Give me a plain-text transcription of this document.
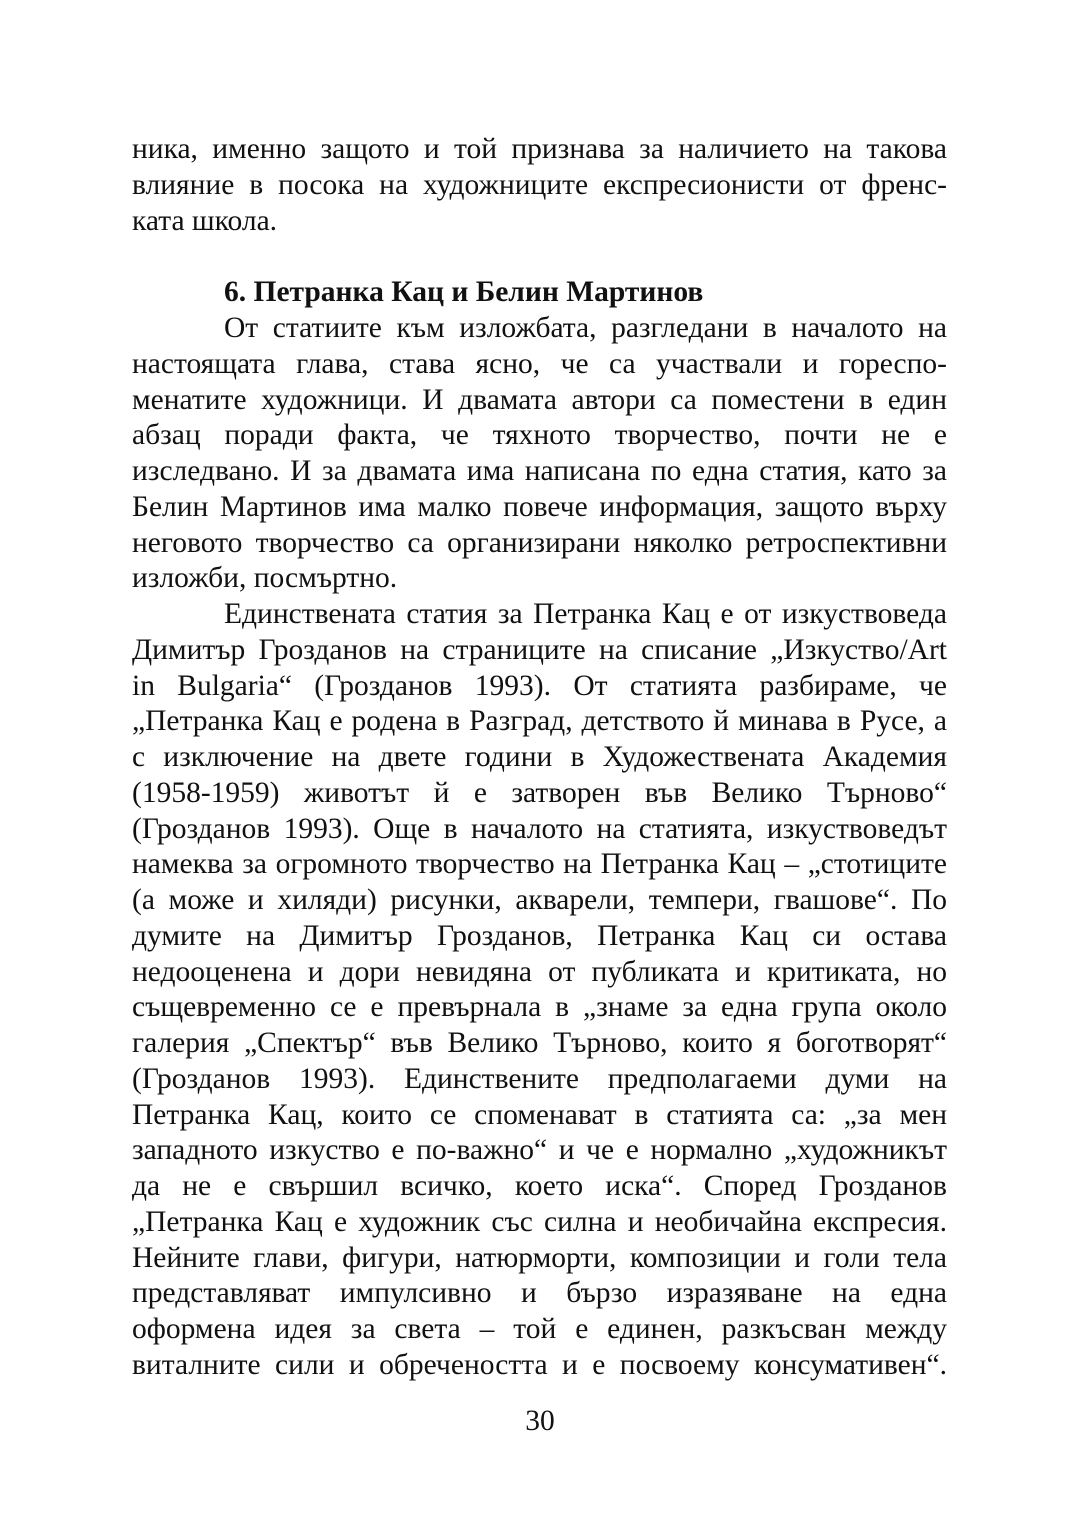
ника, именно защото и той признава за наличието на такова
влияние в посока на художниците експресионисти от френс-
ката школа.
6. Петранка Кац и Белин Мартинов
От статиите към изложбата, разгледани в началото на
настоящата глава, става ясно, че са участвали и гореспо-
менатите художници. И двамата автори са поместени в един
абзац поради факта, че тяхното творчество, почти не е
изследвано. И за двамата има написана по една статия, като за
Белин Мартинов има малко повече информация, защото върху
неговото творчество са организирани няколко ретроспективни
изложби, посмъртно.
Единствената статия за Петранка Кац е от изкуствоведа
Димитър Грозданов на страниците на списание „Изкуство/Art
in Bulgaria“ (Грозданов 1993). От статията разбираме, че
„Петранка Кац е родена в Разград, детството й минава в Русе, а
с изключение на двете години в Художествената Академия
(1958-1959) животът й е затворен във Велико Търново“
(Грозданов 1993). Още в началото на статията, изкуствоведът
намеква за огромното творчество на Петранка Кац – „стотиците
(а може и хиляди) рисунки, акварели, темпери, гвашове“. По
думите на Димитър Грозданов, Петранка Кац си остава
недооценена и дори невидяна от публиката и критиката, но
същевременно се е превърнала в „знаме за една група около
галерия „Спектър“ във Велико Търново, които я боготворят“
(Грозданов 1993). Единствените предполагаеми думи на
Петранка Кац, които се споменават в статията са: „за мен
западното изкуство е по-важно“ и че е нормално „художникът
да не е свършил всичко, което иска“. Според Грозданов
„Петранка Кац е художник със силна и необичайна експресия.
Нейните глави, фигури, натюрморти, композиции и голи тела
представляват импулсивно и бързо изразяване на една
оформена идея за света – той е единен, разкъсван между
виталните сили и обречеността и е посвоему консумативен“.
30
